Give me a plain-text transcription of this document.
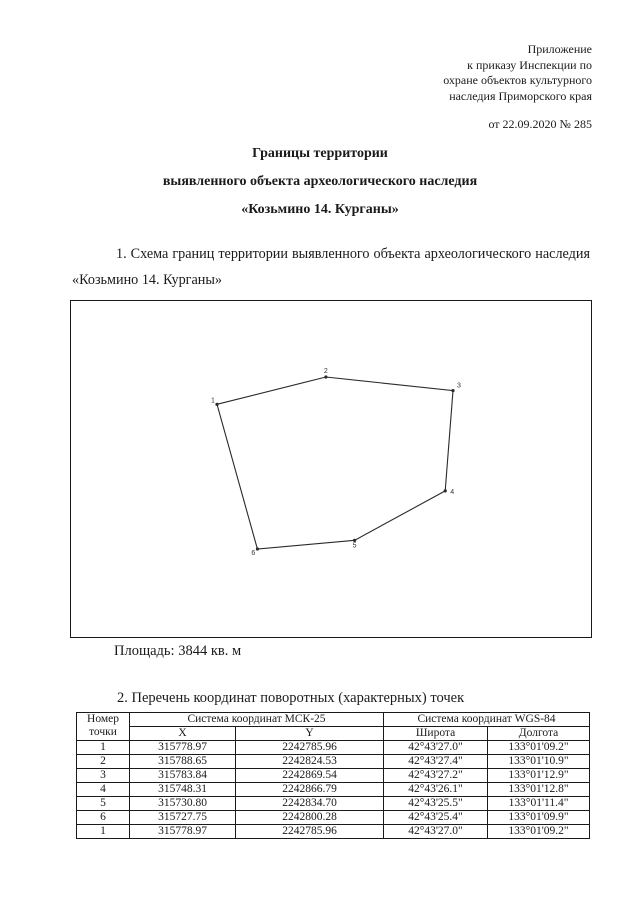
Приложение
к приказу Инспекции по
охране объектов культурного
наследия Приморского края
от 22.09.2020 № 285
Границы территории
выявленного объекта археологического наследия
«Козьмино 14. Курганы»
1. Схема границ территории выявленного объекта археологического наследия «Козьмино 14. Курганы»
1
2
3
4
5
6
Площадь: 3844 кв. м
2. Перечень координат поворотных (характерных) точек
Номер
точки	Система координат МСК-25		Система координат WGS-84	
	X	Y	Широта	Долгота
1	315778.97	2242785.96	42°43'27.0"	133°01'09.2"
2	315788.65	2242824.53	42°43'27.4"	133°01'10.9"
3	315783.84	2242869.54	42°43'27.2"	133°01'12.9"
4	315748.31	2242866.79	42°43'26.1"	133°01'12.8"
5	315730.80	2242834.70	42°43'25.5"	133°01'11.4"
6	315727.75	2242800.28	42°43'25.4"	133°01'09.9"
1	315778.97	2242785.96	42°43'27.0"	133°01'09.2"
